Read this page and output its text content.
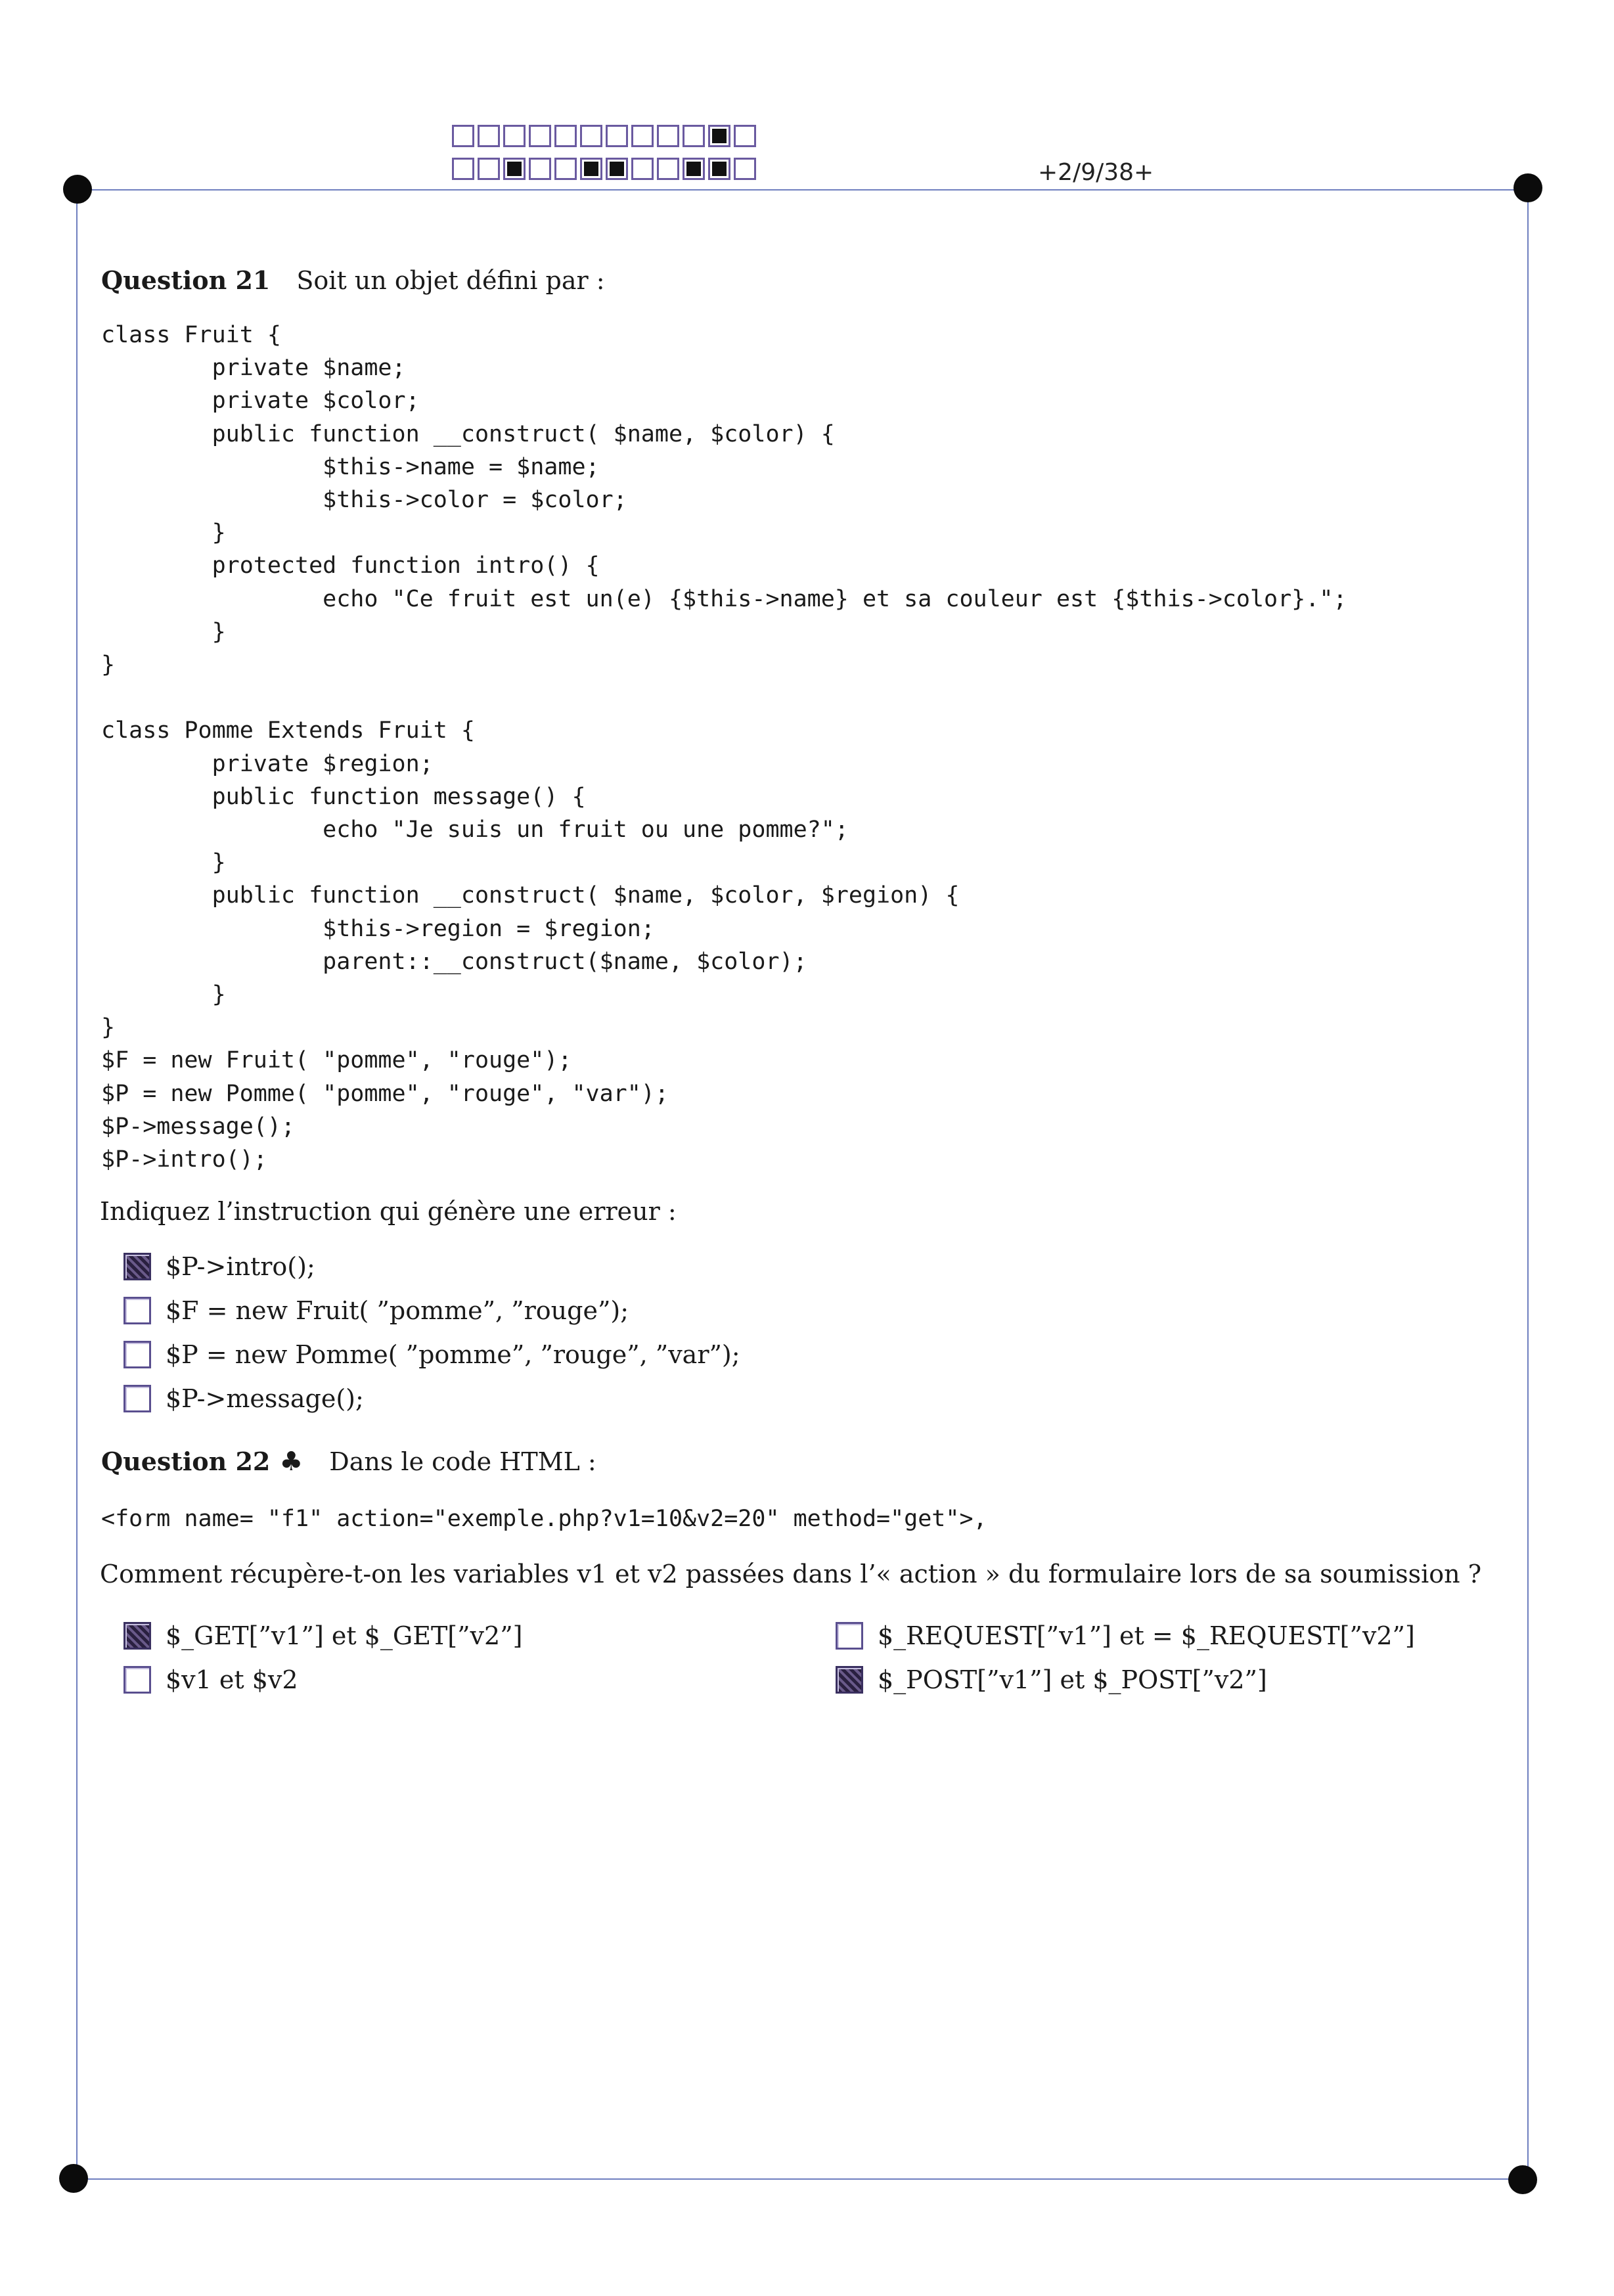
+2/9/38+
Question 21 Soit un objet défini par :
class Fruit {
private $name;
private $color;
public function __construct( $name, $color) {
$this->name = $name;
$this->color = $color;
}
protected function intro() {
echo "Ce fruit est un(e) {$this->name} et sa couleur est {$this->color}.";
}
}

class Pomme Extends Fruit {
private $region;
public function message() {
echo "Je suis un fruit ou une pomme?";
}
public function __construct( $name, $color, $region) {
$this->region = $region;
parent::__construct($name, $color);
}
}
$F = new Fruit( "pomme", "rouge");
$P = new Pomme( "pomme", "rouge", "var");
$P->message();
$P->intro();
Indiquez l’instruction qui génère une erreur :
$P->intro();
$F = new Fruit( ”pomme”, ”rouge”);
$P = new Pomme( ”pomme”, ”rouge”, ”var”);
$P->message();
Question 22 ♣ Dans le code HTML :
<form name= "f1" action="exemple.php?v1=10&v2=20" method="get">,
Comment récupère-t-on les variables v1 et v2 passées dans l’« action » du formulaire lors de sa soumission ?
$_GET[”v1”] et $_GET[”v2”]
$v1 et $v2
$_REQUEST[”v1”] et = $_REQUEST[”v2”]
$_POST[”v1”] et $_POST[”v2”]
